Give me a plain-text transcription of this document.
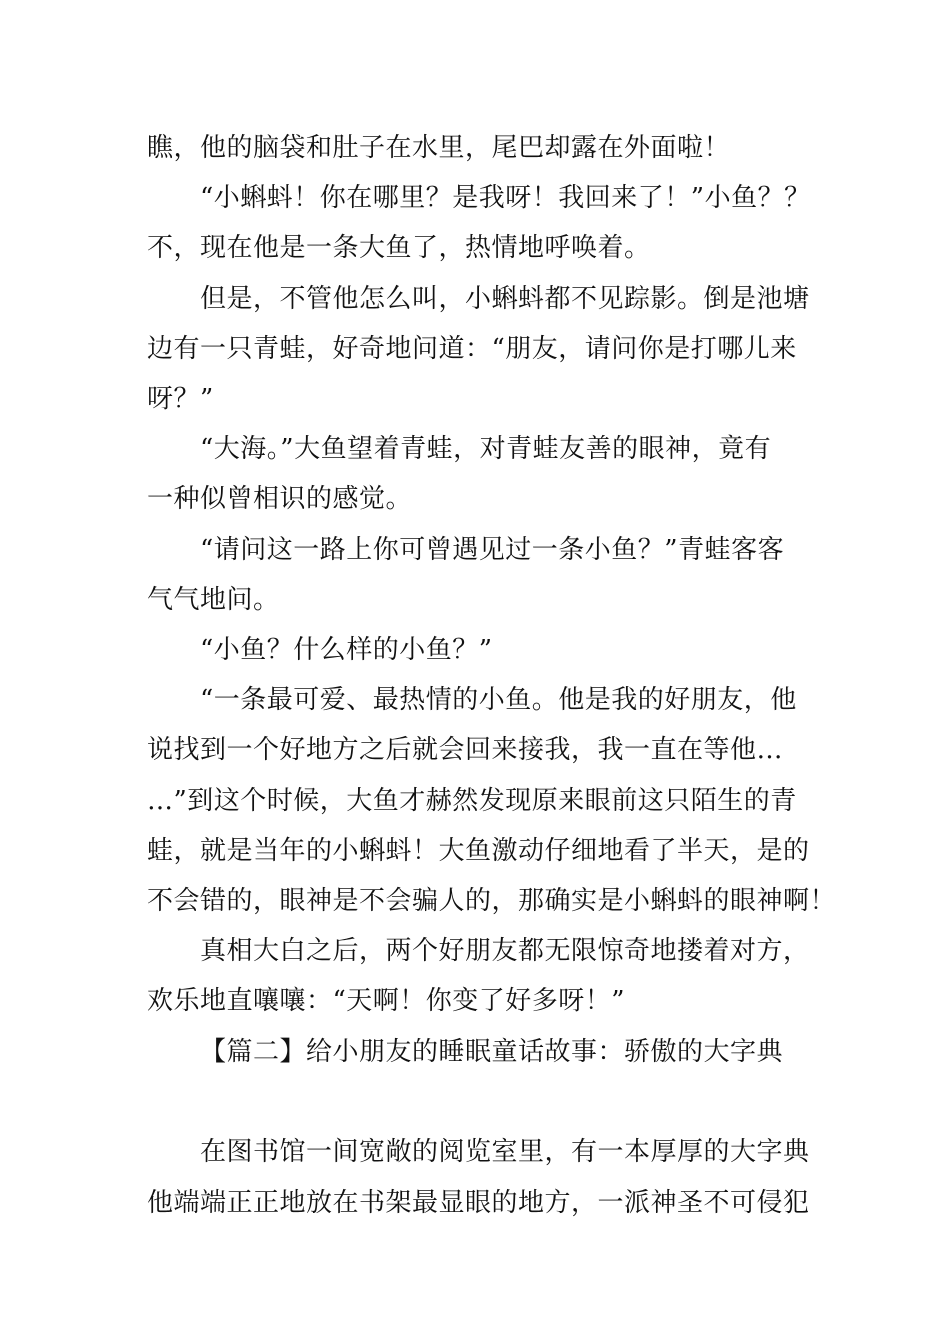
瞧，他的脑袋和肚子在水里，尾巴却露在外面啦！
“小蝌蚪！你在哪里？是我呀！我回来了！”小鱼？？
不，现在他是一条大鱼了，热情地呼唤着。
但是，不管他怎么叫，小蝌蚪都不见踪影。倒是池塘
边有一只青蛙，好奇地问道：“朋友，请问你是打哪儿来
呀？”
“大海。”大鱼望着青蛙，对青蛙友善的眼神，竟有
一种似曾相识的感觉。
“请问这一路上你可曾遇见过一条小鱼？”青蛙客客
气气地问。
“小鱼？什么样的小鱼？”
“一条最可爱、最热情的小鱼。他是我的好朋友，他
说找到一个好地方之后就会回来接我，我一直在等他…
…”到这个时候，大鱼才赫然发现原来眼前这只陌生的青
蛙，就是当年的小蝌蚪！大鱼激动仔细地看了半天，是的
不会错的，眼神是不会骗人的，那确实是小蝌蚪的眼神啊！
真相大白之后，两个好朋友都无限惊奇地搂着对方，
欢乐地直嚷嚷：“天啊！你变了好多呀！”
【篇二】给小朋友的睡眠童话故事：骄傲的大字典
在图书馆一间宽敞的阅览室里，有一本厚厚的大字典
他端端正正地放在书架最显眼的地方，一派神圣不可侵犯
